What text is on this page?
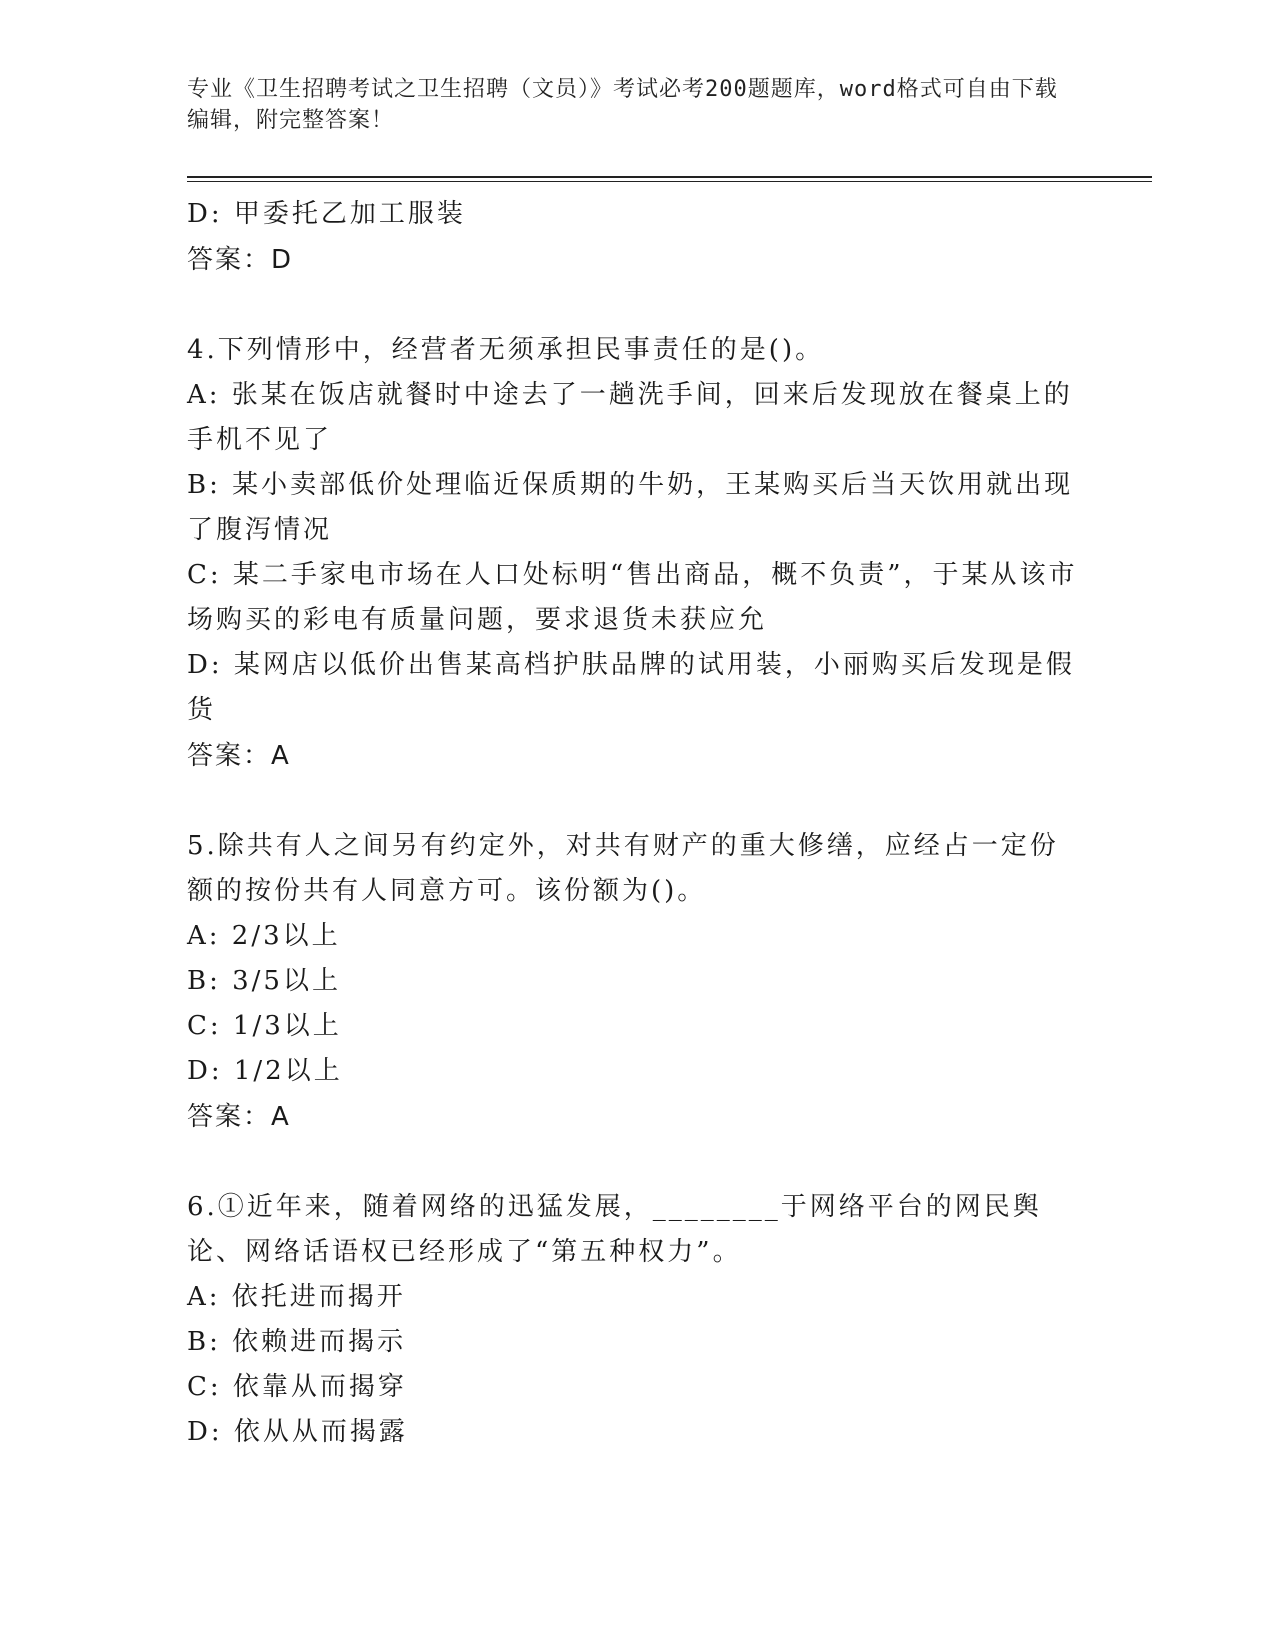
专业《卫生招聘考试之卫生招聘（文员）》考试必考200题题库，word格式可自由下载编辑，附完整答案！
D: 甲委托乙加工服装
答案：D
4.下列情形中，经营者无须承担民事责任的是()。
A: 张某在饭店就餐时中途去了一趟洗手间，回来后发现放在餐桌上的手机不见了
B: 某小卖部低价处理临近保质期的牛奶，王某购买后当天饮用就出现了腹泻情况
C: 某二手家电市场在人口处标明“售出商品，概不负责”，于某从该市场购买的彩电有质量问题，要求退货未获应允
D: 某网店以低价出售某高档护肤品牌的试用装，小丽购买后发现是假货
答案：A
5.除共有人之间另有约定外，对共有财产的重大修缮，应经占一定份额的按份共有人同意方可。该份额为()。
A: 2/3以上
B: 3/5以上
C: 1/3以上
D: 1/2以上
答案：A
6.①近年来，随着网络的迅猛发展，________于网络平台的网民舆论、网络话语权已经形成了“第五种权力”。
A: 依托进而揭开
B: 依赖进而揭示
C: 依靠从而揭穿
D: 依从从而揭露
